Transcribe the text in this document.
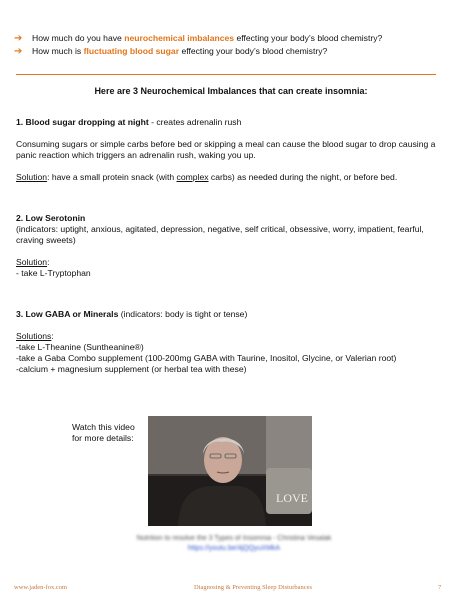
➔	How much do you have neurochemical imbalances effecting your body’s blood chemistry?
➔	How much is fluctuating blood sugar effecting your body’s blood chemistry?
Here are 3 Neurochemical Imbalances that can create insomnia:

1. Blood sugar dropping at night - creates adrenalin rush

Consuming sugars or simple carbs before bed or skipping a meal can cause the blood sugar to drop causing a panic reaction which triggers an adrenalin rush, waking you up.

Solution: have a small protein snack (with complex carbs) as needed during the night, or before bed.

2. Low Serotonin

(indicators: uptight, anxious, agitated, depression, negative, self critical, obsessive, worry, impatient, fearful, craving sweets)

Solution:

- take L-Tryptophan

3. Low GABA or Minerals (indicators: body is tight or tense)

Solutions:

-take L-Theanine (Suntheanine®)

-take a Gaba Combo supplement (100-200mg GABA with Taurine, Inositol, Glycine, or Valerian root)

-calcium + magnesium supplement (or herbal tea with these)

Watch this video
for more details:
LOVE
Nutrition to resolve the 3 Types of Insomnia - Christina Vesalak
https://youtu.be/4jQQyuXMkA
www.jaden-fox.com	Diagnosing & Preventing Sleep Disturbances	7
